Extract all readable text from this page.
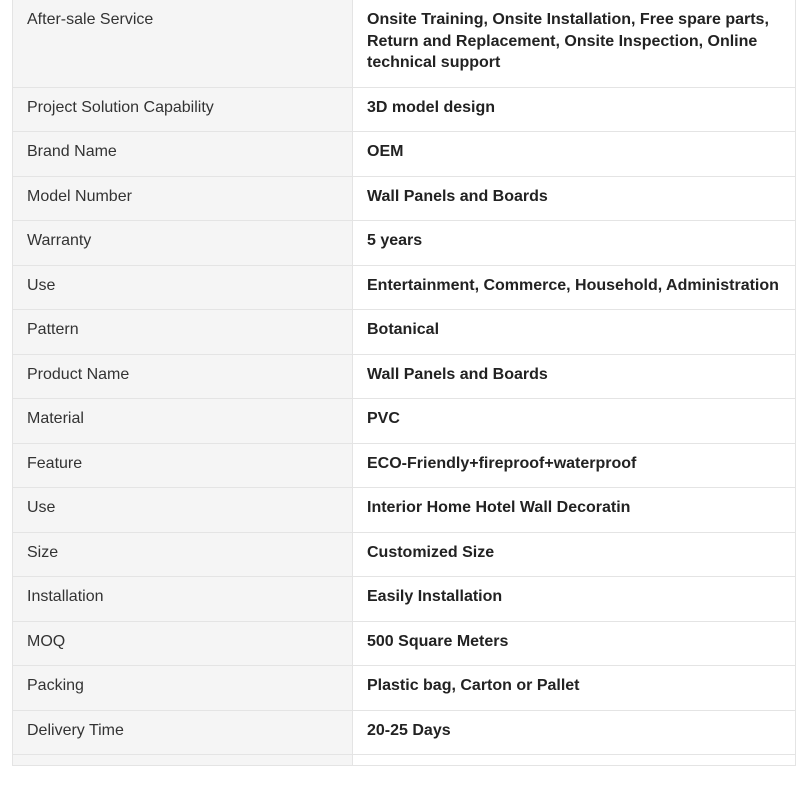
After-sale Service	Onsite Training, Onsite Installation, Free spare parts, Return and Replacement, Onsite Inspection, Online technical support
Project Solution Capability	3D model design
Brand Name	OEM
Model Number	Wall Panels and Boards
Warranty	5 years
Use	Entertainment, Commerce, Household, Administration
Pattern	Botanical
Product Name	Wall Panels and Boards
Material	PVC
Feature	ECO-Friendly+fireproof+waterproof
Use	Interior Home Hotel Wall Decoratin
Size	Customized Size
Installation	Easily Installation
MOQ	500 Square Meters
Packing	Plastic bag, Carton or Pallet
Delivery Time	20-25 Days
